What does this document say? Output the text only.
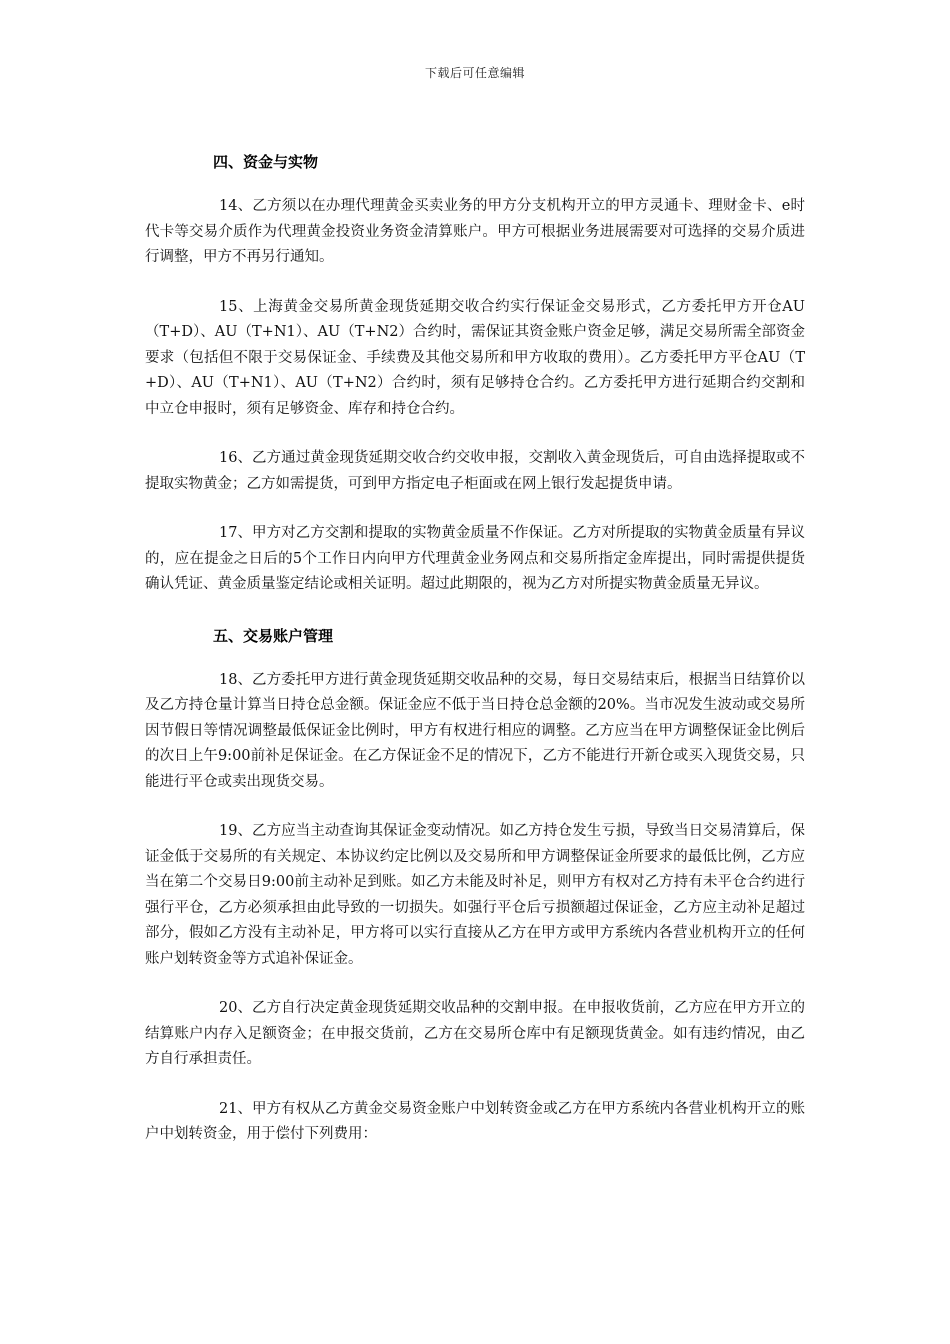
下载后可任意编辑
四、资金与实物

14、乙方须以在办理代理黄金买卖业务的甲方分支机构开立的甲方灵通卡、理财金卡、e时代卡等交易介质作为代理黄金投资业务资金清算账户。甲方可根据业务进展需要对可选择的交易介质进行调整，甲方不再另行通知。

15、上海黄金交易所黄金现货延期交收合约实行保证金交易形式，乙方委托甲方开仓AU（T+D）、AU（T+N1）、AU（T+N2）合约时，需保证其资金账户资金足够，满足交易所需全部资金要求（包括但不限于交易保证金、手续费及其他交易所和甲方收取的费用）。乙方委托甲方平仓AU（T+D）、AU（T+N1）、AU（T+N2）合约时，须有足够持仓合约。乙方委托甲方进行延期合约交割和中立仓申报时，须有足够资金、库存和持仓合约。

16、乙方通过黄金现货延期交收合约交收申报，交割收入黄金现货后，可自由选择提取或不提取实物黄金；乙方如需提货，可到甲方指定电子柜面或在网上银行发起提货申请。

17、甲方对乙方交割和提取的实物黄金质量不作保证。乙方对所提取的实物黄金质量有异议的，应在提金之日后的5个工作日内向甲方代理黄金业务网点和交易所指定金库提出，同时需提供提货确认凭证、黄金质量鉴定结论或相关证明。超过此期限的，视为乙方对所提实物黄金质量无异议。

五、交易账户管理

18、乙方委托甲方进行黄金现货延期交收品种的交易，每日交易结束后，根据当日结算价以及乙方持仓量计算当日持仓总金额。保证金应不低于当日持仓总金额的20%。当市况发生波动或交易所因节假日等情况调整最低保证金比例时，甲方有权进行相应的调整。乙方应当在甲方调整保证金比例后的次日上午9:00前补足保证金。在乙方保证金不足的情况下，乙方不能进行开新仓或买入现货交易，只能进行平仓或卖出现货交易。

19、乙方应当主动查询其保证金变动情况。如乙方持仓发生亏损，导致当日交易清算后，保证金低于交易所的有关规定、本协议约定比例以及交易所和甲方调整保证金所要求的最低比例，乙方应当在第二个交易日9:00前主动补足到账。如乙方未能及时补足，则甲方有权对乙方持有未平仓合约进行强行平仓，乙方必须承担由此导致的一切损失。如强行平仓后亏损额超过保证金，乙方应主动补足超过部分，假如乙方没有主动补足，甲方将可以实行直接从乙方在甲方或甲方系统内各营业机构开立的任何账户划转资金等方式追补保证金。

20、乙方自行决定黄金现货延期交收品种的交割申报。在申报收货前，乙方应在甲方开立的结算账户内存入足额资金；在申报交货前，乙方在交易所仓库中有足额现货黄金。如有违约情况，由乙方自行承担责任。

21、甲方有权从乙方黄金交易资金账户中划转资金或乙方在甲方系统内各营业机构开立的账户中划转资金，用于偿付下列费用：
